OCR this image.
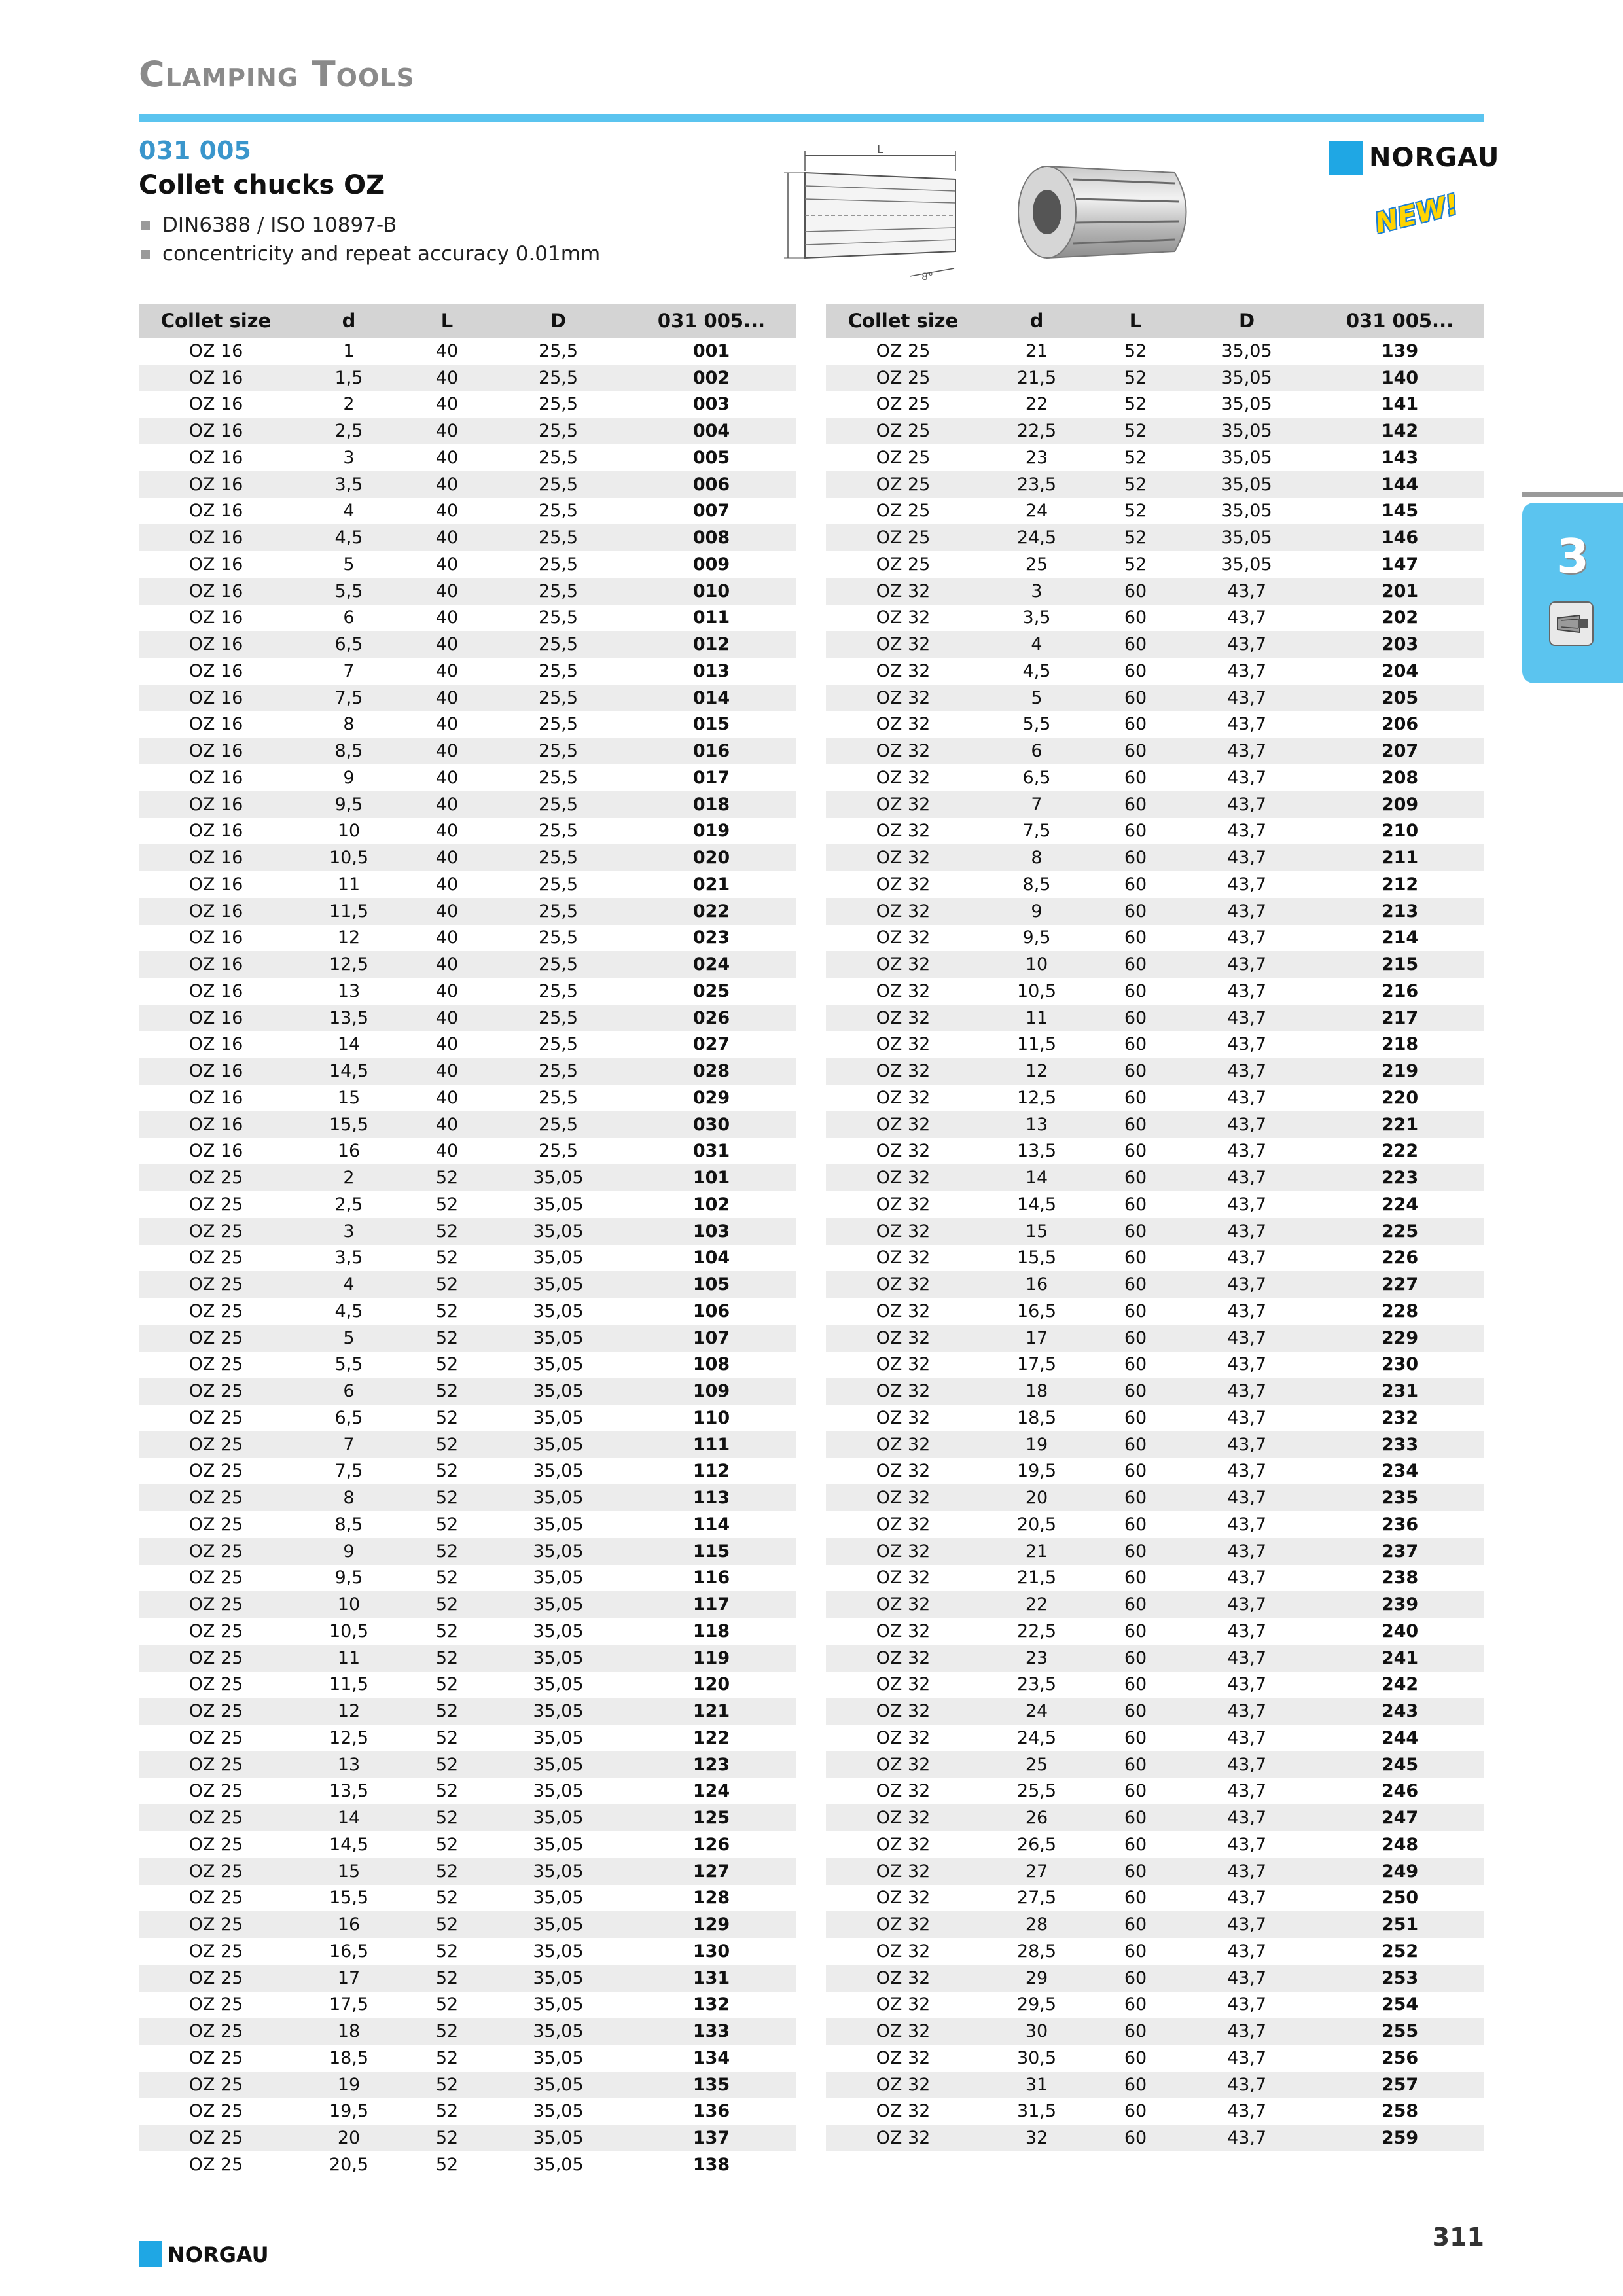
Clamping Tools
031 005
Collet chucks OZ
DIN6388 / ISO 10897-B
concentricity and repeat accuracy 0.01mm
L
8°
NORGAU
NEW!
3
Collet size	d	L	D	031 005...
OZ 16	1	40	25,5	001
OZ 16	1,5	40	25,5	002
OZ 16	2	40	25,5	003
OZ 16	2,5	40	25,5	004
OZ 16	3	40	25,5	005
OZ 16	3,5	40	25,5	006
OZ 16	4	40	25,5	007
OZ 16	4,5	40	25,5	008
OZ 16	5	40	25,5	009
OZ 16	5,5	40	25,5	010
OZ 16	6	40	25,5	011
OZ 16	6,5	40	25,5	012
OZ 16	7	40	25,5	013
OZ 16	7,5	40	25,5	014
OZ 16	8	40	25,5	015
OZ 16	8,5	40	25,5	016
OZ 16	9	40	25,5	017
OZ 16	9,5	40	25,5	018
OZ 16	10	40	25,5	019
OZ 16	10,5	40	25,5	020
OZ 16	11	40	25,5	021
OZ 16	11,5	40	25,5	022
OZ 16	12	40	25,5	023
OZ 16	12,5	40	25,5	024
OZ 16	13	40	25,5	025
OZ 16	13,5	40	25,5	026
OZ 16	14	40	25,5	027
OZ 16	14,5	40	25,5	028
OZ 16	15	40	25,5	029
OZ 16	15,5	40	25,5	030
OZ 16	16	40	25,5	031
OZ 25	2	52	35,05	101
OZ 25	2,5	52	35,05	102
OZ 25	3	52	35,05	103
OZ 25	3,5	52	35,05	104
OZ 25	4	52	35,05	105
OZ 25	4,5	52	35,05	106
OZ 25	5	52	35,05	107
OZ 25	5,5	52	35,05	108
OZ 25	6	52	35,05	109
OZ 25	6,5	52	35,05	110
OZ 25	7	52	35,05	111
OZ 25	7,5	52	35,05	112
OZ 25	8	52	35,05	113
OZ 25	8,5	52	35,05	114
OZ 25	9	52	35,05	115
OZ 25	9,5	52	35,05	116
OZ 25	10	52	35,05	117
OZ 25	10,5	52	35,05	118
OZ 25	11	52	35,05	119
OZ 25	11,5	52	35,05	120
OZ 25	12	52	35,05	121
OZ 25	12,5	52	35,05	122
OZ 25	13	52	35,05	123
OZ 25	13,5	52	35,05	124
OZ 25	14	52	35,05	125
OZ 25	14,5	52	35,05	126
OZ 25	15	52	35,05	127
OZ 25	15,5	52	35,05	128
OZ 25	16	52	35,05	129
OZ 25	16,5	52	35,05	130
OZ 25	17	52	35,05	131
OZ 25	17,5	52	35,05	132
OZ 25	18	52	35,05	133
OZ 25	18,5	52	35,05	134
OZ 25	19	52	35,05	135
OZ 25	19,5	52	35,05	136
OZ 25	20	52	35,05	137
OZ 25	20,5	52	35,05	138
Collet size	d	L	D	031 005...
OZ 25	21	52	35,05	139
OZ 25	21,5	52	35,05	140
OZ 25	22	52	35,05	141
OZ 25	22,5	52	35,05	142
OZ 25	23	52	35,05	143
OZ 25	23,5	52	35,05	144
OZ 25	24	52	35,05	145
OZ 25	24,5	52	35,05	146
OZ 25	25	52	35,05	147
OZ 32	3	60	43,7	201
OZ 32	3,5	60	43,7	202
OZ 32	4	60	43,7	203
OZ 32	4,5	60	43,7	204
OZ 32	5	60	43,7	205
OZ 32	5,5	60	43,7	206
OZ 32	6	60	43,7	207
OZ 32	6,5	60	43,7	208
OZ 32	7	60	43,7	209
OZ 32	7,5	60	43,7	210
OZ 32	8	60	43,7	211
OZ 32	8,5	60	43,7	212
OZ 32	9	60	43,7	213
OZ 32	9,5	60	43,7	214
OZ 32	10	60	43,7	215
OZ 32	10,5	60	43,7	216
OZ 32	11	60	43,7	217
OZ 32	11,5	60	43,7	218
OZ 32	12	60	43,7	219
OZ 32	12,5	60	43,7	220
OZ 32	13	60	43,7	221
OZ 32	13,5	60	43,7	222
OZ 32	14	60	43,7	223
OZ 32	14,5	60	43,7	224
OZ 32	15	60	43,7	225
OZ 32	15,5	60	43,7	226
OZ 32	16	60	43,7	227
OZ 32	16,5	60	43,7	228
OZ 32	17	60	43,7	229
OZ 32	17,5	60	43,7	230
OZ 32	18	60	43,7	231
OZ 32	18,5	60	43,7	232
OZ 32	19	60	43,7	233
OZ 32	19,5	60	43,7	234
OZ 32	20	60	43,7	235
OZ 32	20,5	60	43,7	236
OZ 32	21	60	43,7	237
OZ 32	21,5	60	43,7	238
OZ 32	22	60	43,7	239
OZ 32	22,5	60	43,7	240
OZ 32	23	60	43,7	241
OZ 32	23,5	60	43,7	242
OZ 32	24	60	43,7	243
OZ 32	24,5	60	43,7	244
OZ 32	25	60	43,7	245
OZ 32	25,5	60	43,7	246
OZ 32	26	60	43,7	247
OZ 32	26,5	60	43,7	248
OZ 32	27	60	43,7	249
OZ 32	27,5	60	43,7	250
OZ 32	28	60	43,7	251
OZ 32	28,5	60	43,7	252
OZ 32	29	60	43,7	253
OZ 32	29,5	60	43,7	254
OZ 32	30	60	43,7	255
OZ 32	30,5	60	43,7	256
OZ 32	31	60	43,7	257
OZ 32	31,5	60	43,7	258
OZ 32	32	60	43,7	259
NORGAU
311
